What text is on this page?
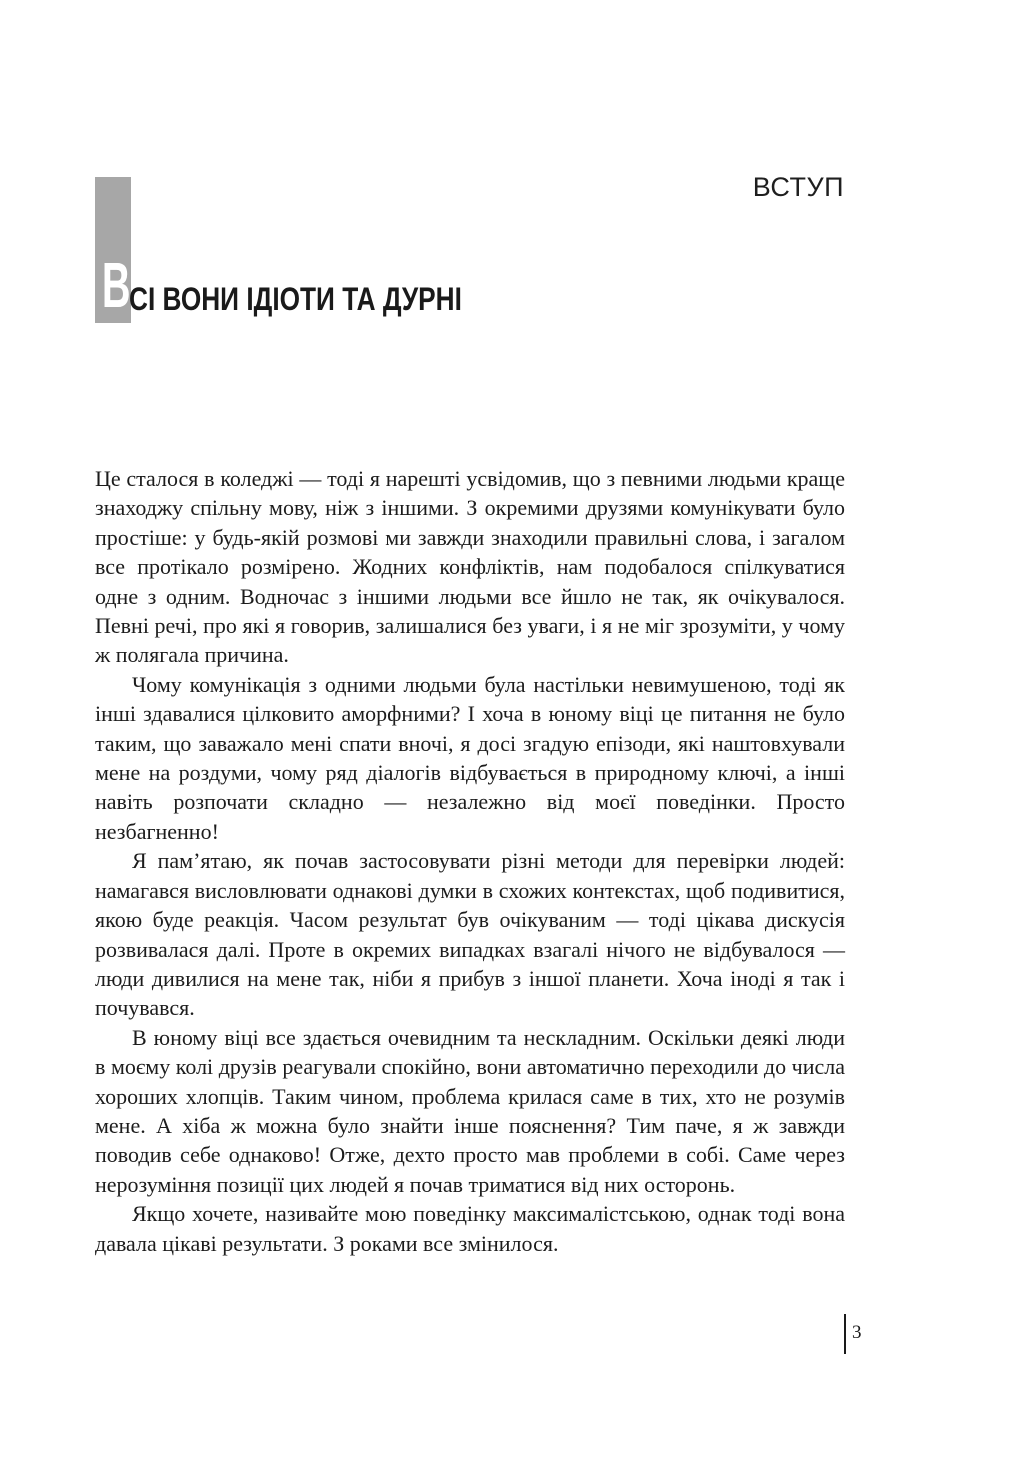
ВСТУП
В
СІ ВОНИ ІДІОТИ ТА ДУРНІ

Це сталося в коледжі — тоді я нарешті усвідомив, що з певними людьми краще знаходжу спільну мову, ніж з іншими. З окремими друзями комунікувати було простіше: у будь-якій розмові ми завжди знаходили правильні слова, і загалом все протікало розмірено. Жодних конфліктів, нам подобалося спілкуватися одне з одним. Водночас з іншими людьми все йшло не так, як очікувалося. Певні речі, про які я говорив, залишалися без уваги, і я не міг зрозуміти, у чому ж полягала причина.

Чому комунікація з одними людьми була настільки невимушеною, тоді як інші здавалися цілковито аморфними? І хоча в юному віці це питання не було таким, що заважало мені спати вночі, я досі згадую епізоди, які наштовхували мене на роздуми, чому ряд діалогів відбувається в природному ключі, а інші навіть розпочати складно — незалежно від моєї поведінки. Просто незбагненно!

Я пам’ятаю, як почав застосовувати різні методи для перевірки людей: намагався висловлювати однакові думки в схожих контекстах, щоб подивитися, якою буде реакція. Часом результат був очікуваним — тоді цікава дискусія розвивалася далі. Проте в окремих випадках взагалі нічого не відбувалося — люди дивилися на мене так, ніби я прибув з іншої планети. Хоча іноді я так і почувався.

В юному віці все здається очевидним та нескладним. Оскільки деякі люди в моєму колі друзів реагували спокійно, вони автоматично переходили до числа хороших хлопців. Таким чином, проблема крилася саме в тих, хто не розумів мене. А хіба ж можна було знайти інше пояснення? Тим паче, я ж завжди поводив себе однаково! Отже, дехто просто мав проблеми в собі. Саме через нерозуміння позиції цих людей я почав триматися від них осторонь.

Якщо хочете, називайте мою поведінку максималістською, однак тоді вона давала цікаві результати. З роками все змінилося.

3
